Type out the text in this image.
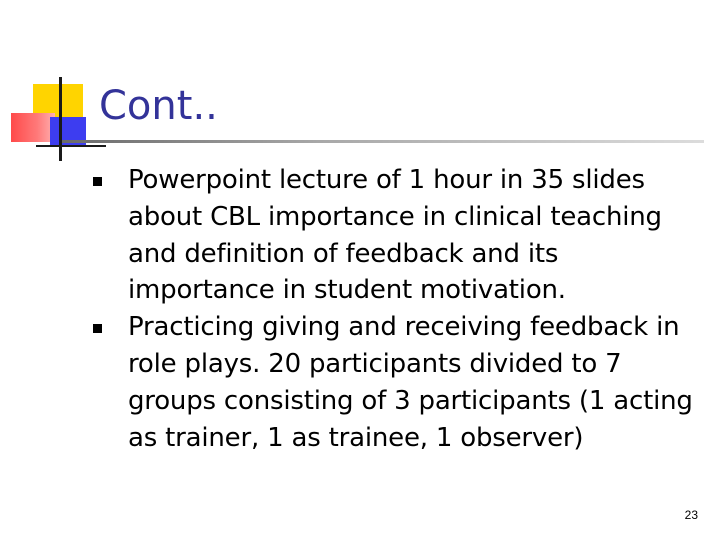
Cont..
Powerpoint lecture of 1 hour in 35 slides about CBL importance in clinical teaching and definition of feedback and its importance in student motivation.
Practicing giving and receiving feedback in role plays. 20 participants divided to 7 groups consisting of 3 participants (1 acting as trainer, 1 as trainee, 1 observer)
23
